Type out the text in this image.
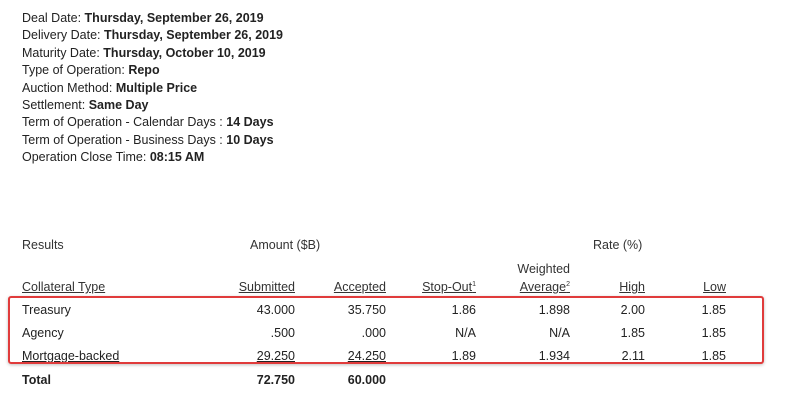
Deal Date: Thursday, September 26, 2019
Delivery Date: Thursday, September 26, 2019
Maturity Date: Thursday, October 10, 2019
Type of Operation: Repo
Auction Method: Multiple Price
Settlement: Same Day
Term of Operation - Calendar Days : 14 Days
Term of Operation - Business Days : 10 Days
Operation Close Time: 08:15 AM
Results	Amount ($B)	Rate (%)
Weighted
Collateral Type	Submitted	Accepted	Stop-Out$^1$	Average$^2$	High	Low
Treasury	43.000	35.750	1.86	1.898	2.00	1.85
Agency	.500	.000	N/A	N/A	1.85	1.85
Mortgage-backed	29.250	24.250	1.89	1.934	2.11	1.85
Total	72.750	60.000
